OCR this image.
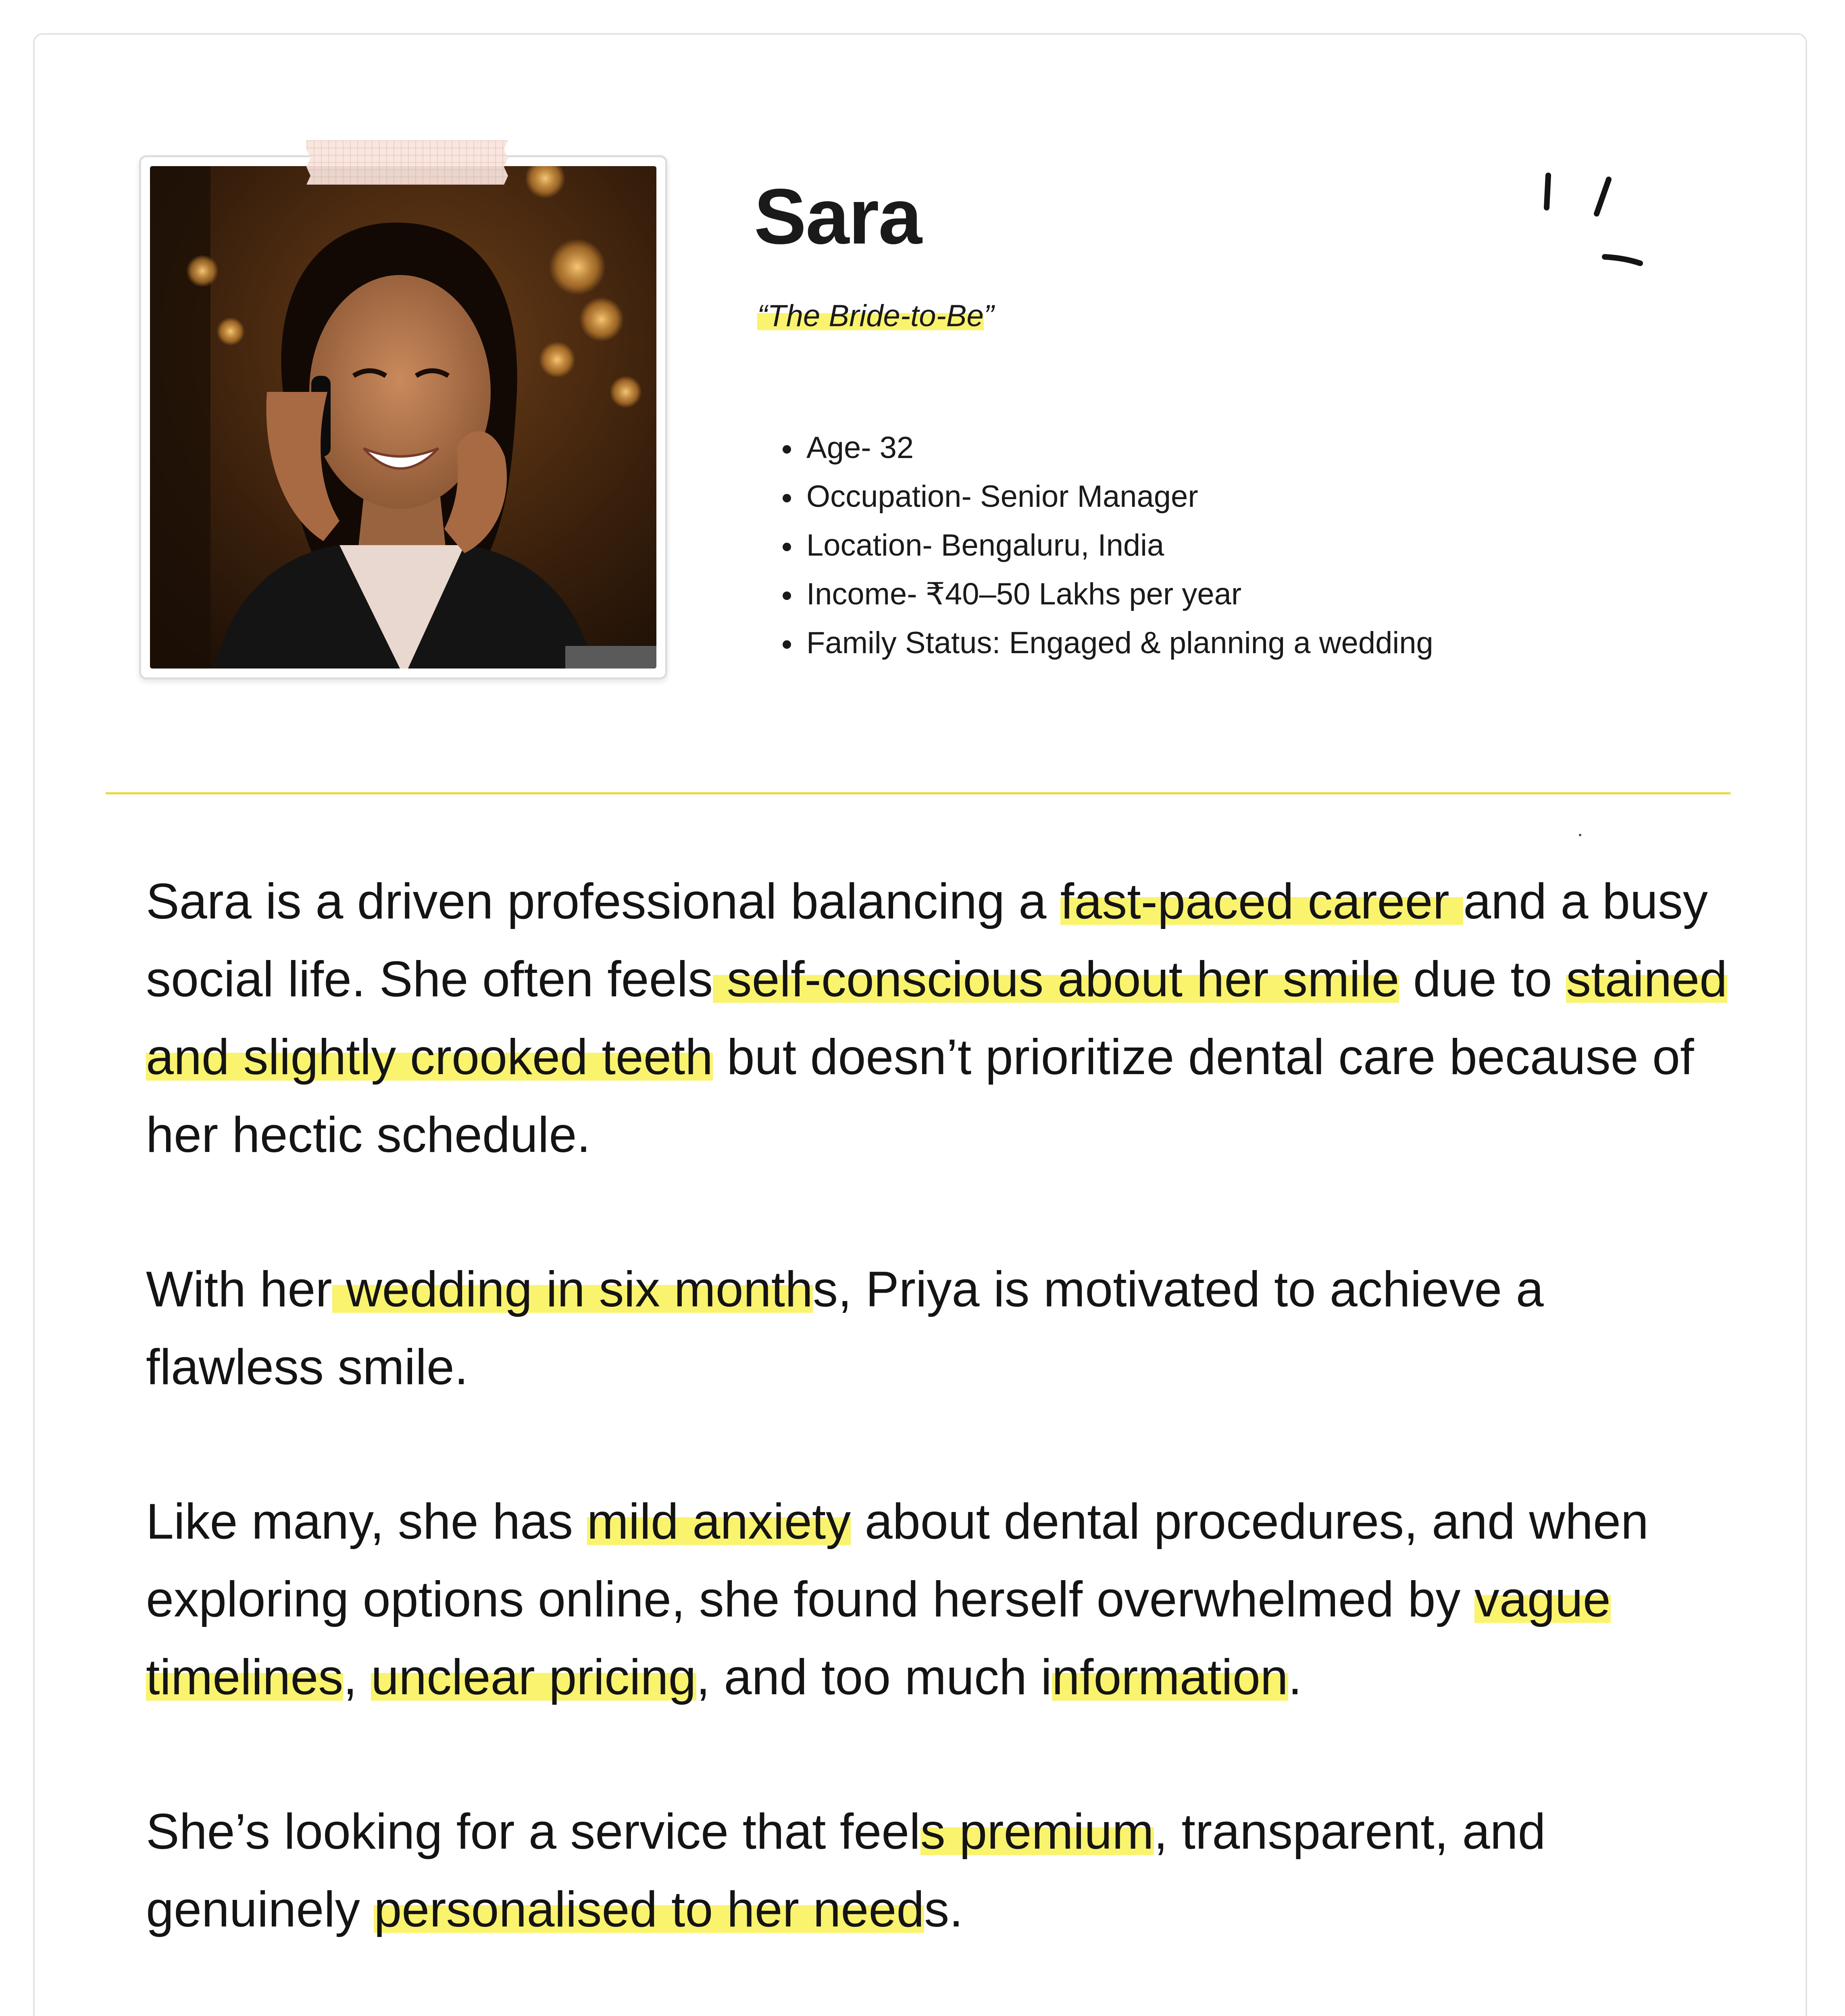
Sara

“The Bride-to-Be”

• Age- 32
• Occupation- Senior Manager
• Location- Bengaluru, India
• Income- ₹40–50 Lakhs per year
• Family Status: Engaged & planning a wedding

Sara is a driven professional balancing a fast-paced career and a busy social life. She often feels self-conscious about her smile due to stained and slightly crooked teeth but doesn’t prioritize dental care because of her hectic schedule.

With her wedding in six months, Priya is motivated to achieve a flawless smile.

Like many, she has mild anxiety about dental procedures, and when exploring options online, she found herself overwhelmed by vague timelines, unclear pricing, and too much information.

She’s looking for a service that feels premium, transparent, and genuinely personalised to her needs.
